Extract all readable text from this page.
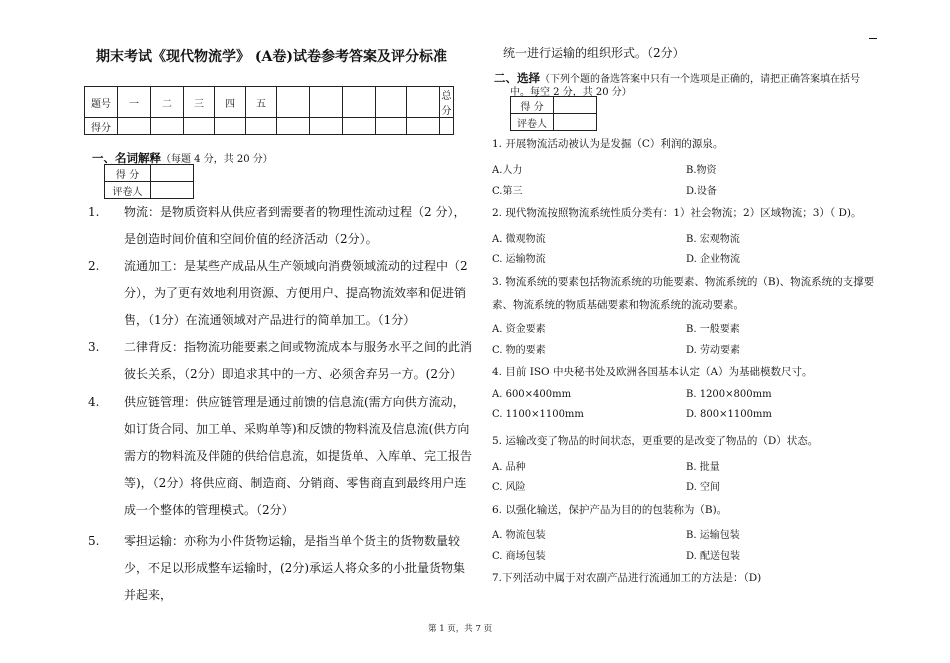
期末考试《现代物流学》 (A卷)试卷参考答案及评分标准
题号	一	二	三	四	五						总分
得分											
一、名词解释（每题 4 分，共 20 分）
得 分	
评卷人	
1. 物流：是物质资料从供应者到需要者的物理性流动过程（2 分），是创造时间价值和空间价值的经济活动（2分）。
2. 流通加工：是某些产成品从生产领域向消费领域流动的过程中（2分），为了更有效地利用资源、方便用户、提高物流效率和促进销售，（1分）在流通领域对产品进行的简单加工。（1分）
3. 二律背反：指物流功能要素之间或物流成本与服务水平之间的此消彼长关系，（2分）即追求其中的一方、必须舍弃另一方。(2分）
4. 供应链管理：供应链管理是通过前馈的信息流(需方向供方流动，如订货合同、加工单、采购单等)和反馈的物料流及信息流(供方向需方的物料流及伴随的供给信息流，如提货单、入库单、完工报告等)，（2分）将供应商、制造商、分销商、零售商直到最终用户连成一个整体的管理模式。（2分）
5. 零担运输：亦称为小件货物运输，是指当单个货主的货物数量较少，不足以形成整车运输时，(2分)承运人将众多的小批量货物集并起来，
统一进行运输的组织形式。（2分）
二、选择（下列个题的备选答案中只有一个选项是正确的，请把正确答案填在括号
中。每空 2 分，共 20 分）
得 分	
评卷人	
1. 开展物流活动被认为是发掘（C）利润的源泉。
A.人力	B.物资
C.第三	D.设备
2. 现代物流按照物流系统性质分类有：1）社会物流；2）区域物流；3）（ D)。
A. 微观物流	B. 宏观物流
C. 运输物流	D. 企业物流
3. 物流系统的要素包括物流系统的功能要素、物流系统的（B)、物流系统的支撑要
素、物流系统的物质基础要素和物流系统的流动要素。
A. 资金要素	B. 一般要素
C. 物的要素	D. 劳动要素
4. 目前 ISO 中央秘书处及欧洲各国基本认定（A）为基础模数尺寸。
A. 600×400mm	B. 1200×800mm
C. 1100×1100mm	D. 800×1100mm
5. 运输改变了物品的时间状态，更重要的是改变了物品的（D）状态。
A. 品种	B. 批量
C. 风险	D. 空间
6. 以强化输送，保护产品为目的的包装称为（B)。
A. 物流包装	B. 运输包装
C. 商场包装	D. 配送包装
7.下列活动中属于对农副产品进行流通加工的方法是：（D)
第 1 页，共 7 页
